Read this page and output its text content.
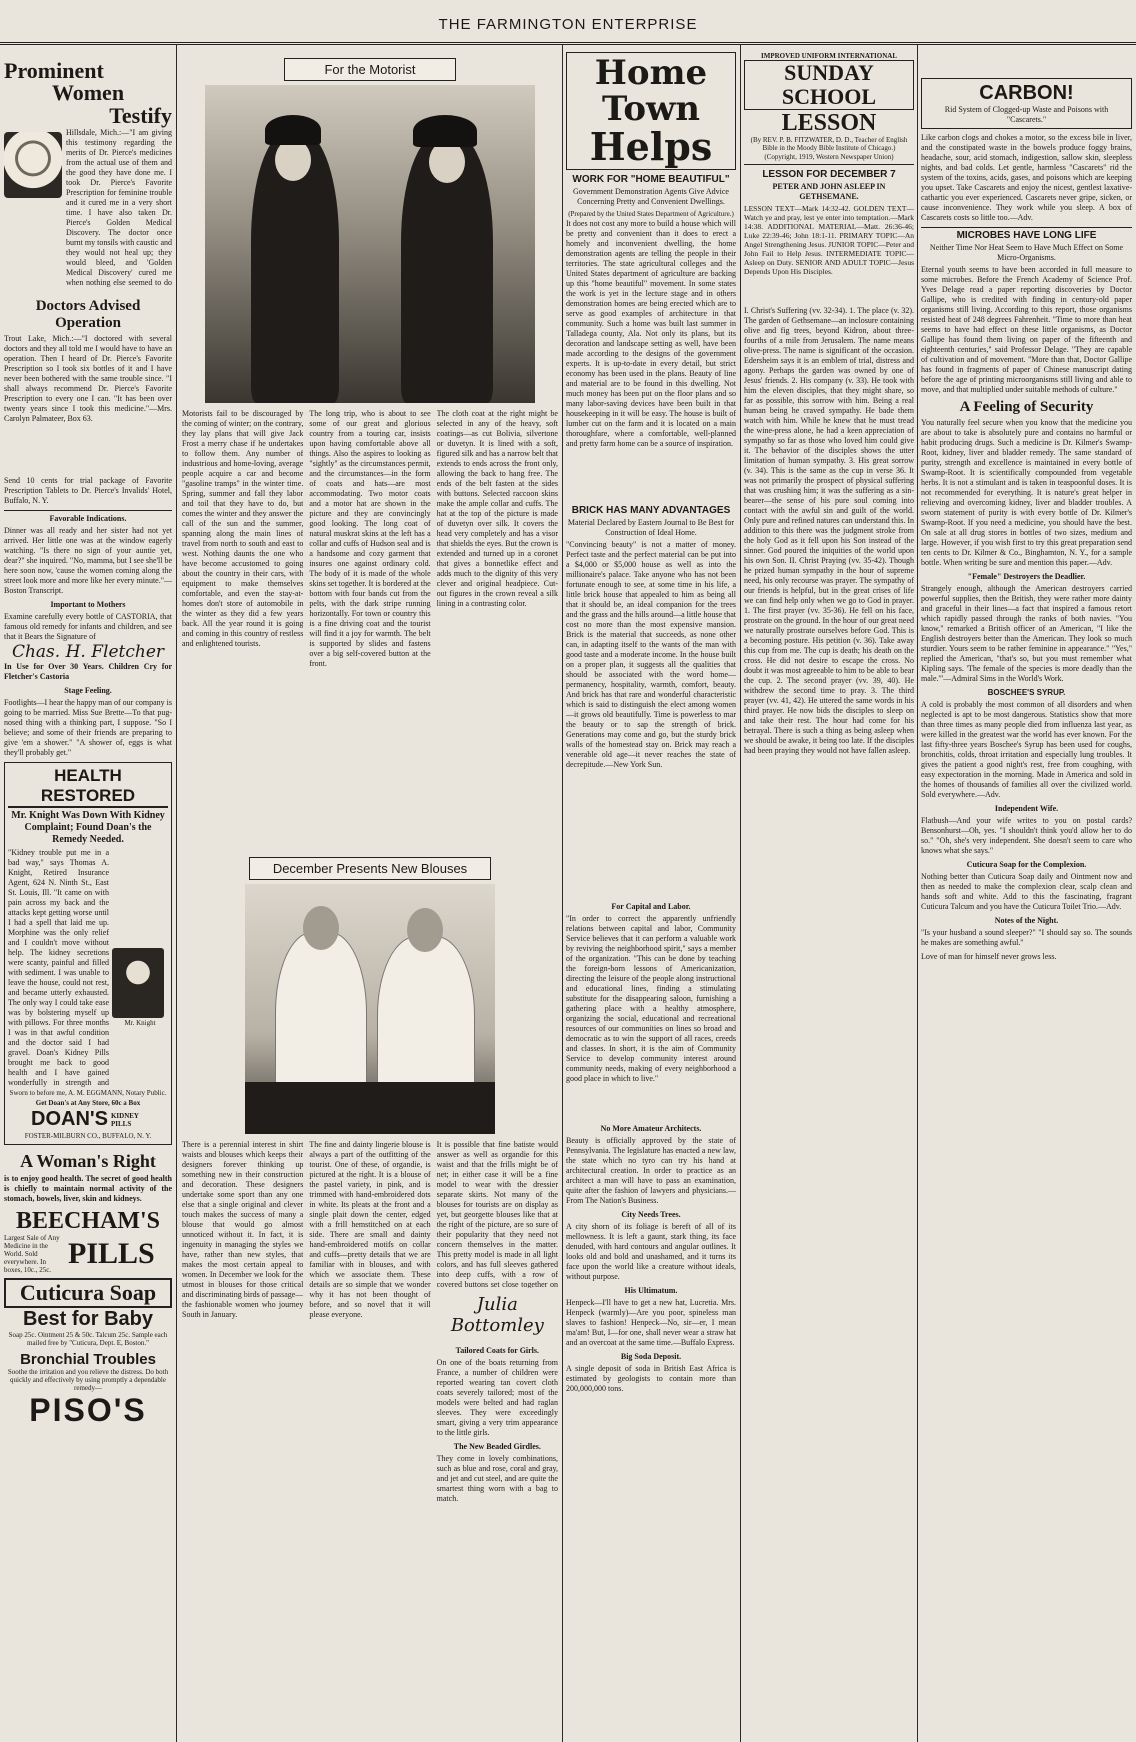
THE FARMINGTON ENTERPRISE
Prominent
Women
Testify

Hillsdale, Mich.:—"I am giving this testimony regarding the merits of Dr. Pierce's medicines from the actual use of them and the good they have done me. I took Dr. Pierce's Favorite Prescription for feminine trouble and it cured me in a very short time. I have also taken Dr. Pierce's Golden Medical Discovery. The doctor once burnt my tonsils with caustic and they would not heal up; they would bleed, and 'Golden Medical Discovery' cured me when nothing else seemed to do

Doctors Advised Operation

Trout Lake, Mich.:—"I doctored with several doctors and they all told me I would have to have an operation. Then I heard of Dr. Pierce's Favorite Prescription so I took six bottles of it and I have never been bothered with the same trouble since. "I shall always recommend Dr. Pierce's Favorite Prescription to every one I can. "It has been over twenty years since I took this medicine."—Mrs. Carolyn Palmateer, Box 63.

Send 10 cents for trial package of Favorite Prescription Tablets to Dr. Pierce's Invalids' Hotel, Buffalo, N. Y.

Favorable Indications.

Dinner was all ready and her sister had not yet arrived. Her little one was at the window eagerly watching. "Is there no sign of your auntie yet, dear?" she inquired. "No, mamma, but I see she'll be here soon now, 'cause the women coming along the street look more and more like her every minute."—Boston Transcript.

Important to Mothers

Examine carefully every bottle of CASTORIA, that famous old remedy for infants and children, and see that it Bears the Signature of

Chas. H. Fletcher

In Use for Over 30 Years. Children Cry for Fletcher's Castoria

Stage Feeling.

Footlights—I hear the happy man of our company is going to be married. Miss Sue Brette—To that pug-nosed thing with a thinking part, I suppose. "So I believe; and some of their friends are preparing to give 'em a shower." "A shower of, eggs is what they'll probably get."

HEALTH RESTORED
Mr. Knight Was Down With Kidney Complaint; Found Doan's the Remedy Needed.

"Kidney trouble put me in a bad way," says Thomas A. Knight, Retired Insurance Agent, 624 N. Ninth St., East St. Louis, Ill. "It came on with pain across my back and the attacks kept getting worse until I had a spell that laid me up. Morphine was the only relief and I couldn't move without help. The kidney secretions were scanty, painful and filled with sediment. I was unable to leave the house, could not rest, and became utterly exhausted. The only way I could take ease was by bolstering myself up with pillows. For three months I was in that awful condition and the doctor said I had gravel. Doan's Kidney Pills brought me back to good health and I have gained wonderfully in strength and

Mr. Knight
Sworn to before me, A. M. EGGMANN, Notary Public.
Get Doan's at Any Store, 60c a Box
DOAN'S KIDNEY PILLS
FOSTER-MILBURN CO., BUFFALO, N. Y.
A Woman's Right

is to enjoy good health. The secret of good health is chiefly to maintain normal activity of the stomach, bowels, liver, skin and kidneys.

BEECHAM'S
Largest Sale of Any Medicine in the World. Sold everywhere. In boxes, 10c., 25c. PILLS
Cuticura Soap
Best for Baby
Soap 25c. Ointment 25 & 50c. Talcum 25c. Sample each mailed free by "Cuticura, Dept. E, Boston."
Bronchial Troubles
Soothe the irritation and you relieve the distress. Do both quickly and effectively by using promptly a dependable remedy—
PISO'S
For the Motorist

Motorists fail to be discouraged by the coming of winter; on the contrary, they lay plans that will give Jack Frost a merry chase if he undertakes to follow them. Any number of industrious and home-loving, average people acquire a car and become "gasoline tramps" in the winter time. Spring, summer and fall they labor and toil that they have to do, but comes the winter and they answer the call of the sun and the summer, spanning along the main lines of travel from north to south and east to west. Nothing daunts the one who have become accustomed to going about the country in their cars, with equipment to make themselves comfortable, and even the stay-at-homes don't store of automobile in the winter as they did a few years back. All the year round it is going and coming in this country of restless and enlightened tourists.

The long trip, who is about to see some of our great and glorious country from a touring car, insists upon having comfortable above all things. Also the aspires to looking as "sightly" as the circumstances permit, and the circumstances—in the form of coats and hats—are most accommodating. Two motor coats and a motor hat are shown in the picture and they are convincingly good looking. The long coat of natural muskrat skins at the left has a collar and cuffs of Hudson seal and is a handsome and cozy garment that insures one against ordinary cold. The body of it is made of the whole skins set together. It is bordered at the bottom with four bands cut from the pelts, with the dark stripe running horizontally. For town or country this is a fine driving coat and the tourist will find it a joy for warmth. The belt is supported by slides and fastens over a big self-covered button at the front.

The cloth coat at the right might be selected in any of the heavy, soft coatings—as cut Bolivia, silvertone or duvetyn. It is lined with a soft, figured silk and has a narrow belt that extends to ends across the front only, allowing the back to hang free. The ends of the belt fasten at the sides with buttons. Selected raccoon skins make the ample collar and cuffs. The hat at the top of the picture is made of duvetyn over silk. It covers the head very completely and has a visor that shields the eyes. But the crown is extended and turned up in a coronet that gives a bonnetlike effect and adds much to the dignity of this very clever and original headpiece. Cut-out figures in the crown reveal a silk lining in a contrasting color.

December Presents New Blouses

There is a perennial interest in shirt waists and blouses which keeps their designers forever thinking up something new in their construction and decoration. These designers undertake some sport than any one else that a single original and clever touch makes the success of many a blouse that would go almost unnoticed without it. In fact, it is ingenuity in managing the styles we have, rather than new styles, that makes the most certain appeal to women. In December we look for the utmost in blouses for those critical and discriminating birds of passage—the fashionable women who journey South in January.

The fine and dainty lingerie blouse is always a part of the outfitting of the tourist. One of these, of organdie, is pictured at the right. It is a blouse of the pastel variety, in pink, and is trimmed with hand-embroidered dots in white. Its pleats at the front and a single plait down the center, edged with a frill hemstitched on at each side. There are small and dainty hand-embroidered motifs on collar and cuffs—pretty details that we are familiar with in blouses, and with which we associate them. These details are so simple that we wonder why it has not been thought of before, and so novel that it will please everyone.

It is possible that fine batiste would answer as well as organdie for this waist and that the frills might be of net; in either case it will be a fine model to wear with the dressier separate skirts. Not many of the blouses for tourists are on display as yet, but georgette blouses like that at the right of the picture, are so sure of their popularity that they need not concern themselves in the matter. This pretty model is made in all light colors, and has full sleeves gathered into deep cuffs, with a row of covered buttons set close together on

Julia Bottomley
Tailored Coats for Girls.

On one of the boats returning from France, a number of children were reported wearing tan covert cloth coats severely tailored; most of the models were belted and had raglan sleeves. They were exceedingly smart, giving a very trim appearance to the little girls.

The New Beaded Girdles.

They come in lovely combinations, such as blue and rose, coral and gray, and jet and cut steel, and are quite the smartest thing worn with a bag to match.

Home Town
Helps
WORK FOR "HOME BEAUTIFUL"
Government Demonstration Agents Give Advice Concerning Pretty and Convenient Dwellings.
(Prepared by the United States Department of Agriculture.)

It does not cost any more to build a house which will be pretty and convenient than it does to erect a homely and inconvenient dwelling, the home demonstration agents are telling the people in their territories. The state agricultural colleges and the United States department of agriculture are backing up this "home beautiful" movement. In some states the work is yet in the lecture stage and in others demonstration homes are being erected which are to serve as good examples of architecture in that community. Such a home was built last summer in Talladega county, Ala. Not only its plans, but its decoration and landscape setting as well, have been made according to the designs of the government experts. It is up-to-date in every detail, but strict economy has been used in the plans. Beauty of line and material are to be found in this dwelling. Not much money has been put on the floor plans and so many labor-saving devices have been built in that housekeeping in it will be easy. The house is built of lumber cut on the farm and it is located on a main thoroughfare, where a comfortable, well-planned and pretty farm home can be a source of inspiration.

BRICK HAS MANY ADVANTAGES
Material Declared by Eastern Journal to Be Best for Construction of Ideal Home.

"Convincing beauty" is not a matter of money. Perfect taste and the perfect material can be put into a $4,000 or $5,000 house as well as into the millionaire's palace. Take anyone who has not been fortunate enough to see, at some time in his life, a little brick house that appealed to him as being all that it should be, an ideal companion for the trees and the grass and the hills around—a little house that cost no more than the most expensive mansion. Brick is the material that succeeds, as none other can, in adapting itself to the wants of the man with good taste and a moderate income. In the house built on a proper plan, it suggests all the qualities that should be associated with the word home—permanency, hospitality, warmth, comfort, beauty. And brick has that rare and wonderful characteristic which is said to distinguish the elect among women—it grows old beautifully. Time is powerless to mar the beauty or to sap the strength of brick. Generations may come and go, but the sturdy brick walls of the homestead stay on. Brick may reach a venerable old age—it never reaches the state of decrepitude.—New York Sun.

For Capital and Labor.

"In order to correct the apparently unfriendly relations between capital and labor, Community Service believes that it can perform a valuable work by reviving the neighborhood spirit," says a member of the organization. "This can be done by teaching the foreign-born lessons of Americanization, directing the leisure of the people along instructional and educational lines, finding a stimulating substitute for the disappearing saloon, furnishing a gathering place with a healthy atmosphere, organizing the social, educational and recreational resources of our communities on lines so broad and democratic as to win the support of all races, creeds and classes. In short, it is the aim of Community Service to develop community interest around community needs, making of every neighborhood a good place in which to live."

No More Amateur Architects.

Beauty is officially approved by the state of Pennsylvania. The legislature has enacted a new law, the state which no tyro can try his hand at architectural creation. In order to practice as an architect a man will have to pass an examination, quite after the fashion of lawyers and physicians.—From The Nation's Business.

City Needs Trees.

A city shorn of its foliage is bereft of all of its mellowness. It is left a gaunt, stark thing, its face denuded, with hard contours and angular outlines. It looks old and bold and unashamed, and it turns its face upon the world like a creature without ideals, without purpose.

His Ultimatum.

Henpeck—I'll have to get a new hat, Lucretia. Mrs. Henpeck (warmly)—Are you poor, spineless man slaves to fashion! Henpeck—No, sir—er, I mean ma'am! But, I—for one, shall never wear a straw hat and an overcoat at the same time.—Buffalo Express.

Big Soda Deposit.

A single deposit of soda in British East Africa is estimated by geologists to contain more than 200,000,000 tons.

IMPROVED UNIFORM INTERNATIONAL
SUNDAY SCHOOL
LESSON
(By REV. P. B. FITZWATER, D. D., Teacher of English Bible in the Moody Bible Institute of Chicago.)
(Copyright, 1919, Western Newspaper Union)
LESSON FOR DECEMBER 7
PETER AND JOHN ASLEEP IN GETHSEMANE.

LESSON TEXT—Mark 14:32-42. GOLDEN TEXT—Watch ye and pray, lest ye enter into temptation.—Mark 14:38. ADDITIONAL MATERIAL—Matt. 26:36-46; Luke 22:39-46; John 18:1-11. PRIMARY TOPIC—An Angel Strengthening Jesus. JUNIOR TOPIC—Peter and John Fail to Help Jesus. INTERMEDIATE TOPIC—Asleep on Duty. SENIOR AND ADULT TOPIC—Jesus Depends Upon His Disciples.

I. Christ's Suffering (vv. 32-34). 1. The place (v. 32). The garden of Gethsemane—an inclosure containing olive and fig trees, beyond Kidron, about three-fourths of a mile from Jerusalem. The name means olive-press. The name is significant of the occasion. Edersheim says it is an emblem of trial, distress and agony. Perhaps the garden was owned by one of Jesus' friends. 2. His company (v. 33). He took with him the eleven disciples, that they might share, so far as possible, this sorrow with him. Being a real human being he craved sympathy. He bade them watch with him. While he knew that he must tread the wine-press alone, he had a keen appreciation of sympathy so far as those who loved him could give it. The behavior of the disciples shows the utter limitation of human sympathy. 3. His great sorrow (v. 34). This is the same as the cup in verse 36. It was not primarily the prospect of physical suffering that was crushing him; it was the suffering as a sin-bearer—the sense of his pure soul coming into contact with the awful sin and guilt of the world. Only pure and refined natures can understand this. In addition to this there was the judgment stroke from the holy God as it fell upon his Son instead of the sinner. God poured the iniquities of the world upon his own Son. II. Christ Praying (vv. 35-42). Though he prized human sympathy in the hour of supreme need, his only recourse was prayer. The sympathy of our friends is helpful, but in the great crises of life we can find help only when we go to God in prayer. 1. The first prayer (vv. 35-36). He fell on his face, prostrate on the ground. In the hour of our great need we naturally prostrate ourselves before God. This is a becoming posture. His petition (v. 36). Take away this cup from me. The cup is death; his death on the cross. He did not desire to escape the cross. No doubt it was most agreeable to him to be able to bear the cup. 2. The second prayer (vv. 39, 40). He withdrew the second time to pray. 3. The third prayer (vv. 41, 42). He uttered the same words in his third prayer. He now bids the disciples to sleep on and take their rest. The hour had come for his betrayal. There is such a thing as being asleep when we should be awake, it being too late. If the disciples had been praying they would not have fallen asleep.

CARBON!
Rid System of Clogged-up Waste and Poisons with "Cascarets."

Like carbon clogs and chokes a motor, so the excess bile in liver, and the constipated waste in the bowels produce foggy brains, headache, sour, acid stomach, indigestion, sallow skin, sleepless nights, and bad colds. Let gentle, harmless "Cascarets" rid the system of the toxins, acids, gases, and poisons which are keeping you upset. Take Cascarets and enjoy the nicest, gentlest laxative-cathartic you ever experienced. Cascarets never gripe, sicken, or cause inconvenience. They work while you sleep. A box of Cascarets costs so little too.—Adv.

MICROBES HAVE LONG LIFE
Neither Time Nor Heat Seem to Have Much Effect on Some Micro-Organisms.

Eternal youth seems to have been accorded in full measure to some microbes. Before the French Academy of Science Prof. Yves Delage read a paper reporting discoveries by Doctor Gallipe, who is credited with finding in century-old paper organisms still living. According to this report, those organisms resisted heat of 248 degrees Fahrenheit. "Time to more than heat seems to have had effect on these little organisms, as Doctor Gallipe has found them living on paper of the fifteenth and eighteenth centuries," said Professor Delage. "They are capable of cultivation and of movement. "More than that, Doctor Gallipe has found in fragments of paper of Chinese manuscript dating before the age of printing microorganisms still living and able to move, and that multiplied under suitable methods of culture."

A Feeling of Security

You naturally feel secure when you know that the medicine you are about to take is absolutely pure and contains no harmful or habit producing drugs. Such a medicine is Dr. Kilmer's Swamp-Root, kidney, liver and bladder remedy. The same standard of purity, strength and excellence is maintained in every bottle of Swamp-Root. It is scientifically compounded from vegetable herbs. It is not a stimulant and is taken in teaspoonful doses. It is not recommended for everything. It is nature's great helper in relieving and overcoming kidney, liver and bladder troubles. A sworn statement of purity is with every bottle of Dr. Kilmer's Swamp-Root. If you need a medicine, you should have the best. On sale at all drug stores in bottles of two sizes, medium and large. However, if you wish first to try this great preparation send ten cents to Dr. Kilmer & Co., Binghamton, N. Y., for a sample bottle. When writing be sure and mention this paper.—Adv.

"Female" Destroyers the Deadlier.

Strangely enough, although the American destroyers carried powerful supplies, then the British, they were rather more dainty and graceful in their lines—a fact that inspired a famous retort which rapidly passed through the ranks of both navies. "You know," remarked a British officer of an American, "I like the English destroyers better than the American. They look so much sturdier. Yours seem to be rather feminine in appearance." "Yes," replied the American, "that's so, but you must remember what Kipling says. 'The female of the species is more deadly than the male.'"—Admiral Sims in the World's Work.

BOSCHEE'S SYRUP.

A cold is probably the most common of all disorders and when neglected is apt to be most dangerous. Statistics show that more than three times as many people died from influenza last year, as were killed in the greatest war the world has ever known. For the last fifty-three years Boschee's Syrup has been used for coughs, bronchitis, colds, throat irritation and especially lung troubles. It gives the patient a good night's rest, free from coughing, with easy expectoration in the morning. Made in America and sold in the homes of thousands of families all over the civilized world. Sold everywhere.—Adv.

Independent Wife.

Flatbush—And your wife writes to you on postal cards? Bensonhurst—Oh, yes. "I shouldn't think you'd allow her to do so." "Oh, she's very independent. She doesn't seem to care who knows what she says."

Cuticura Soap for the Complexion.

Nothing better than Cuticura Soap daily and Ointment now and then as needed to make the complexion clear, scalp clean and hands soft and white. Add to this the fascinating, fragrant Cuticura Talcum and you have the Cuticura Toilet Trio.—Adv.

Notes of the Night.

"Is your husband a sound sleeper?" "I should say so. The sounds he makes are something awful."

Love of man for himself never grows less.
